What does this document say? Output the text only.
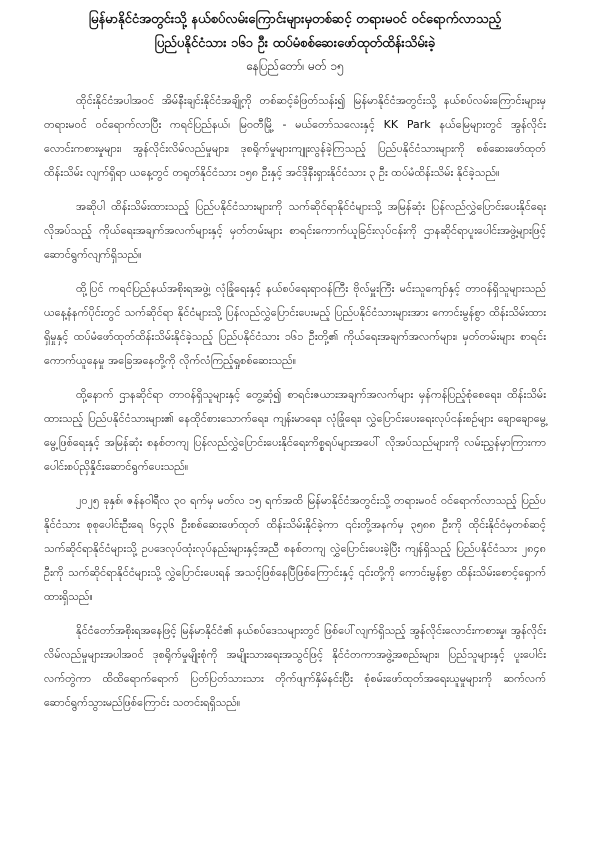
မြန်မာနိုင်ငံအတွင်းသို့ နယ်စပ်လမ်းကြောင်းများမှတစ်ဆင့် တရားမဝင် ဝင်ရောက်လာသည့်
ပြည်ပနိုင်ငံသား ၁၆၁ ဦး ထပ်မံစစ်ဆေးဖော်ထုတ်ထိန်းသိမ်းခဲ့
နေပြည်တော်၊ မတ် ၁၅

ထိုင်းနိုင်ငံအပါအဝင် အိမ်နီးချင်းနိုင်ငံအချို့ကို တစ်ဆင့်ခံဖြတ်သန်း၍ မြန်မာနိုင်ငံအတွင်းသို့ နယ်စပ်လမ်းကြောင်းများမှ တရားမဝင် ဝင်ရောက်လာပြီး ကရင်ပြည်နယ်၊ မြဝတီမြို့ - မယ်တော်သလေးနှင့် KK Park နယ်မြေများတွင် အွန်လိုင်းလောင်းကစားမှုများ၊ အွန်လိုင်းလိမ်လည်မှုများ၊ ဒုစရိုက်မှုများကျူးလွန်ခဲ့ကြသည့် ပြည်ပနိုင်ငံသားများကို စစ်ဆေးဖော်ထုတ်ထိန်းသိမ်း လျက်ရှိရာ ယနေ့တွင် တရုတ်နိုင်ငံသား ၁၅၈ ဦးနှင့် အင်ဒိုနီးရှားနိုင်ငံသား ၃ ဦး ထပ်မံထိန်းသိမ်း နိုင်ခဲ့သည်။

အဆိုပါ ထိန်းသိမ်းထားသည့် ပြည်ပနိုင်ငံသားများကို သက်ဆိုင်ရာနိုင်ငံများသို့ အမြန်ဆုံး ပြန်လည်လွှဲပြောင်းပေးနိုင်ရေး လိုအပ်သည့် ကိုယ်ရေးအချက်အလက်များနှင့် မှတ်တမ်းများ စာရင်းကောက်ယူခြင်းလုပ်ငန်းကို ဌာနဆိုင်ရာပူးပေါင်းအဖွဲ့များဖြင့် ဆောင်ရွက်လျက်ရှိသည်။

ထို့ပြင် ကရင်ပြည်နယ်အစိုးရအဖွဲ့၊ လုံခြုံရေးနှင့် နယ်စပ်ရေးရာဝန်ကြီး ဗိုလ်မှူးကြီး မင်းသူကျော်နှင့် တာဝန်ရှိသူများသည် ယနေ့နံနက်ပိုင်းတွင် သက်ဆိုင်ရာ နိုင်ငံများသို့ ပြန်လည်လွှဲပြောင်းပေးမည့် ပြည်ပနိုင်ငံသားများအား ကောင်းမွန်စွာ ထိန်းသိမ်းထားရှိမှုနှင့် ထပ်မံဖော်ထုတ်ထိန်းသိမ်းနိုင်ခဲ့သည့် ပြည်ပနိုင်ငံသား ၁၆၁ ဦးတို့၏ ကိုယ်ရေးအချက်အလက်များ၊ မှတ်တမ်းများ စာရင်းကောက်ယူနေမှု အခြေအနေတို့ကို လိုက်လံကြည့်ရှုစစ်ဆေးသည်။

ထို့နောက် ဌာနဆိုင်ရာ တာဝန်ရှိသူများနှင့် တွေ့ဆုံ၍ စာရင်းဇယားအချက်အလက်များ မှန်ကန်ပြည့်စုံစေရေး၊ ထိန်းသိမ်းထားသည့် ပြည်ပနိုင်ငံသားများ၏ နေထိုင်စားသောက်ရေး၊ ကျန်းမာရေး၊ လုံခြုံရေး၊ လွှဲပြောင်းပေးရေးလုပ်ငန်းစဉ်များ ချောချောမွေ့မွေ့ဖြစ်ရေးနှင့် အမြန်ဆုံး စနစ်တကျ ပြန်လည်လွှဲပြောင်းပေးနိုင်ရေးကိစ္စရပ်များအပေါ် လိုအပ်သည်များကို လမ်းညွှန်မှာကြားကာ ပေါင်းစပ်ညှိနှိုင်းဆောင်ရွက်ပေးသည်။

၂၀၂၅ ခုနှစ်၊ ဇန်နဝါရီလ ၃၀ ရက်မှ မတ်လ ၁၅ ရက်အထိ မြန်မာနိုင်ငံအတွင်းသို့ တရားမဝင် ဝင်ရောက်လာသည့် ပြည်ပနိုင်ငံသား စုစုပေါင်းဦးရေ ၆၄၃၆ ဦးစစ်ဆေးဖော်ထုတ် ထိန်းသိမ်းနိုင်ခဲ့ကာ ၎င်းတို့အနက်မှ ၃၅၈၈ ဦးကို ထိုင်းနိုင်ငံမှတစ်ဆင့် သက်ဆိုင်ရာနိုင်ငံများသို့ ဥပဒေလုပ်ထုံးလုပ်နည်းများနှင့်အညီ စနစ်တကျ လွှဲပြောင်းပေးခဲ့ပြီး ကျန်ရှိသည့် ပြည်ပနိုင်ငံသား ၂၈၄၈ ဦးကို သက်ဆိုင်ရာနိုင်ငံများသို့ လွှဲပြောင်းပေးရန် အသင့်ဖြစ်နေပြီဖြစ်ကြောင်းနှင့် ၎င်းတို့ကို ကောင်းမွန်စွာ ထိန်းသိမ်းစောင့်ရှောက်ထားရှိသည်။

နိုင်ငံတော်အစိုးရအနေဖြင့် မြန်မာနိုင်ငံ၏ နယ်စပ်ဒေသများတွင် ဖြစ်ပေါ်လျက်ရှိသည့် အွန်လိုင်းလောင်းကစားမှု၊ အွန်လိုင်းလိမ်လည်မှုများအပါအဝင် ဒုစရိုက်မှုမျိုးစုံကို အမျိုးသားရေးအသွင်ဖြင့် နိုင်ငံတကာအဖွဲ့အစည်းများ၊ ပြည်သူများနှင့် ပူးပေါင်းလက်တွဲကာ ထိထိရောက်ရောက် ပြတ်ပြတ်သားသား တိုက်ဖျက်နှိမ်နင်းပြီး စုံစမ်းဖော်ထုတ်အရေးယူမှုများကို ဆက်လက်ဆောင်ရွက်သွားမည်ဖြစ်ကြောင်း သတင်းရရှိသည်။
